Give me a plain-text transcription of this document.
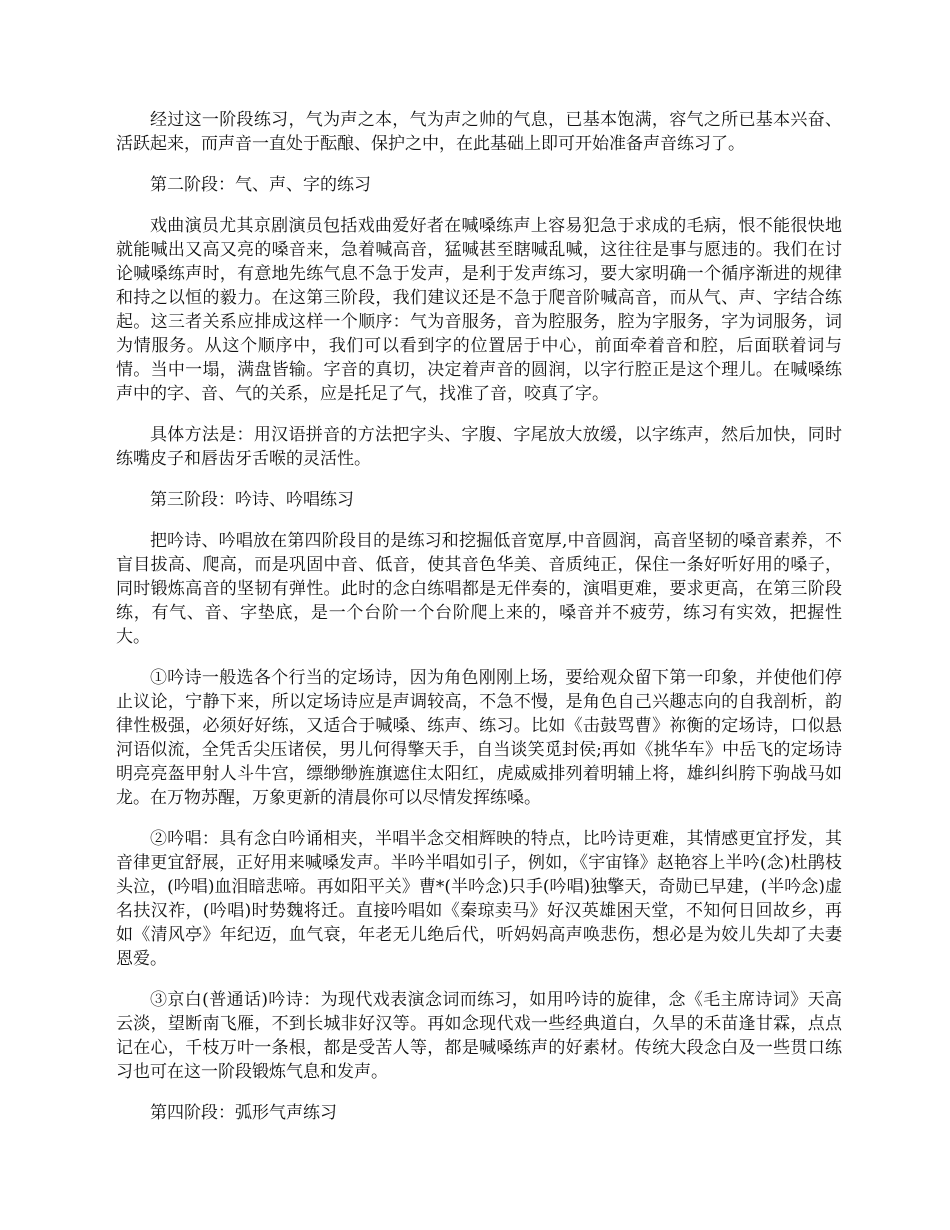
经过这一阶段练习，气为声之本，气为声之帅的气息，已基本饱满，容气之所已基本兴奋、活跃起来，而声音一直处于酝酿、保护之中，在此基础上即可开始准备声音练习了。

第二阶段：气、声、字的练习

戏曲演员尤其京剧演员包括戏曲爱好者在喊嗓练声上容易犯急于求成的毛病，恨不能很快地就能喊出又高又亮的嗓音来，急着喊高音，猛喊甚至瞎喊乱喊，这往往是事与愿违的。我们在讨论喊嗓练声时，有意地先练气息不急于发声，是利于发声练习，要大家明确一个循序渐进的规律和持之以恒的毅力。在这第三阶段，我们建议还是不急于爬音阶喊高音，而从气、声、字结合练起。这三者关系应排成这样一个顺序：气为音服务，音为腔服务，腔为字服务，字为词服务，词为情服务。从这个顺序中，我们可以看到字的位置居于中心，前面牵着音和腔，后面联着词与情。当中一塌，满盘皆输。字音的真切，决定着声音的圆润，以字行腔正是这个理儿。在喊嗓练声中的字、音、气的关系，应是托足了气，找准了音，咬真了字。

具体方法是：用汉语拼音的方法把字头、字腹、字尾放大放缓，以字练声，然后加快，同时练嘴皮子和唇齿牙舌喉的灵活性。

第三阶段：吟诗、吟唱练习

把吟诗、吟唱放在第四阶段目的是练习和挖掘低音宽厚,中音圆润，高音坚韧的嗓音素养，不盲目拔高、爬高，而是巩固中音、低音，使其音色华美、音质纯正，保住一条好听好用的嗓子，同时锻炼高音的坚韧有弹性。此时的念白练唱都是无伴奏的，演唱更难，要求更高，在第三阶段练，有气、音、字垫底，是一个台阶一个台阶爬上来的，嗓音并不疲劳，练习有实效，把握性大。

①吟诗一般选各个行当的定场诗，因为角色刚刚上场，要给观众留下第一印象，并使他们停止议论，宁静下来，所以定场诗应是声调较高，不急不慢，是角色自己兴趣志向的自我剖析，韵律性极强，必须好好练，又适合于喊嗓、练声、练习。比如《击鼓骂曹》祢衡的定场诗，口似悬河语似流，全凭舌尖压诸侯，男儿何得擎天手，自当谈笑觅封侯;再如《挑华车》中岳飞的定场诗明亮亮盔甲射人斗牛宫，缥缈缈旌旗遮住太阳红，虎威威排列着明辅上将，雄纠纠胯下驹战马如龙。在万物苏醒，万象更新的清晨你可以尽情发挥练嗓。

②吟唱：具有念白吟诵相夹，半唱半念交相辉映的特点，比吟诗更难，其情感更宜抒发，其音律更宜舒展，正好用来喊嗓发声。半吟半唱如引子，例如，《宇宙锋》赵艳容上半吟(念)杜鹃枝头泣，(吟唱)血泪暗悲啼。再如阳平关》曹*(半吟念)只手(吟唱)独擎天，奇勋已早建，(半吟念)虚名扶汉祚，(吟唱)时势魏将迁。直接吟唱如《秦琼卖马》好汉英雄困天堂，不知何日回故乡，再如《清风亭》年纪迈，血气衰，年老无儿绝后代，听妈妈高声唤悲伤，想必是为姣儿失却了夫妻恩爱。

③京白(普通话)吟诗：为现代戏表演念词而练习，如用吟诗的旋律，念《毛主席诗词》天高云淡，望断南飞雁，不到长城非好汉等。再如念现代戏一些经典道白，久旱的禾苗逢甘霖，点点记在心，千枝万叶一条根，都是受苦人等，都是喊嗓练声的好素材。传统大段念白及一些贯口练习也可在这一阶段锻炼气息和发声。

第四阶段：弧形气声练习
